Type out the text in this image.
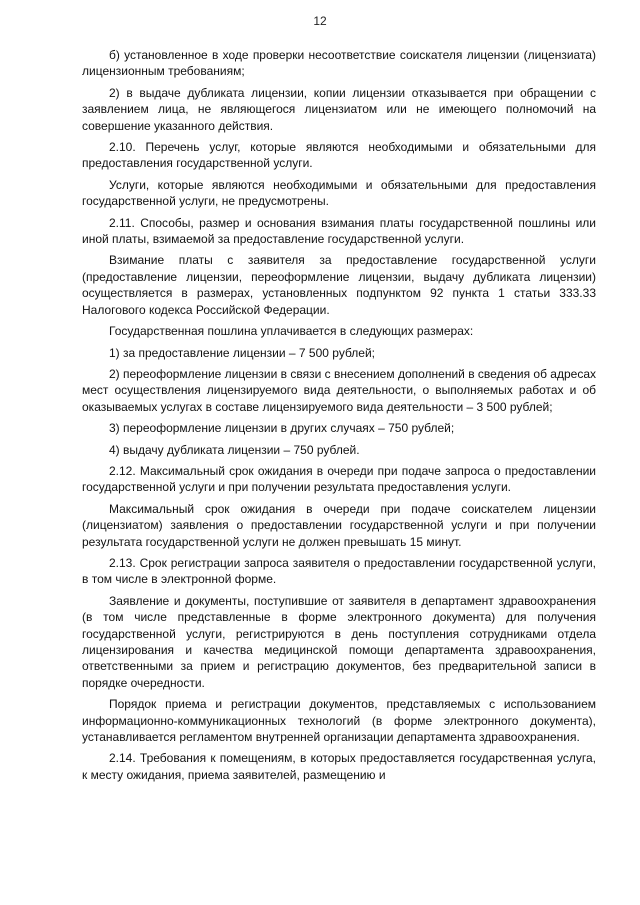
12

б) установленное в ходе проверки несоответствие соискателя лицензии (лицензиата) лицензионным требованиям;

2) в выдаче дубликата лицензии, копии лицензии отказывается при обращении с заявлением лица, не являющегося лицензиатом или не имеющего полномочий на совершение указанного действия.

2.10. Перечень услуг, которые являются необходимыми и обязательными для предоставления государственной услуги.

Услуги, которые являются необходимыми и обязательными для предоставления государственной услуги, не предусмотрены.

2.11. Способы, размер и основания взимания платы государственной пошлины или иной платы, взимаемой за предоставление государственной услуги.

Взимание платы с заявителя за предоставление государственной услуги (предоставление лицензии, переоформление лицензии, выдачу дубликата лицензии) осуществляется в размерах, установленных подпунктом 92 пункта 1 статьи 333.33 Налогового кодекса Российской Федерации.

Государственная пошлина уплачивается в следующих размерах:

1) за предоставление лицензии – 7 500 рублей;

2) переоформление лицензии в связи с внесением дополнений в сведения об адресах мест осуществления лицензируемого вида деятельности, о выполняемых работах и об оказываемых услугах в составе лицензируемого вида деятельности – 3 500 рублей;

3) переоформление лицензии в других случаях – 750 рублей;

4) выдачу дубликата лицензии – 750 рублей.

2.12. Максимальный срок ожидания в очереди при подаче запроса о предоставлении государственной услуги и при получении результата предоставления услуги.

Максимальный срок ожидания в очереди при подаче соискателем лицензии (лицензиатом) заявления о предоставлении государственной услуги и при получении результата государственной услуги не должен превышать 15 минут.

2.13. Срок регистрации запроса заявителя о предоставлении государственной услуги, в том числе в электронной форме.

Заявление и документы, поступившие от заявителя в департамент здравоохранения (в том числе представленные в форме электронного документа) для получения государственной услуги, регистрируются в день поступления сотрудниками отдела лицензирования и качества медицинской помощи департамента здравоохранения, ответственными за прием и регистрацию документов, без предварительной записи в порядке очередности.

Порядок приема и регистрации документов, представляемых с использованием информационно-коммуникационных технологий (в форме электронного документа), устанавливается регламентом внутренней организации департамента здравоохранения.

2.14. Требования к помещениям, в которых предоставляется государственная услуга, к месту ожидания, приема заявителей, размещению и
